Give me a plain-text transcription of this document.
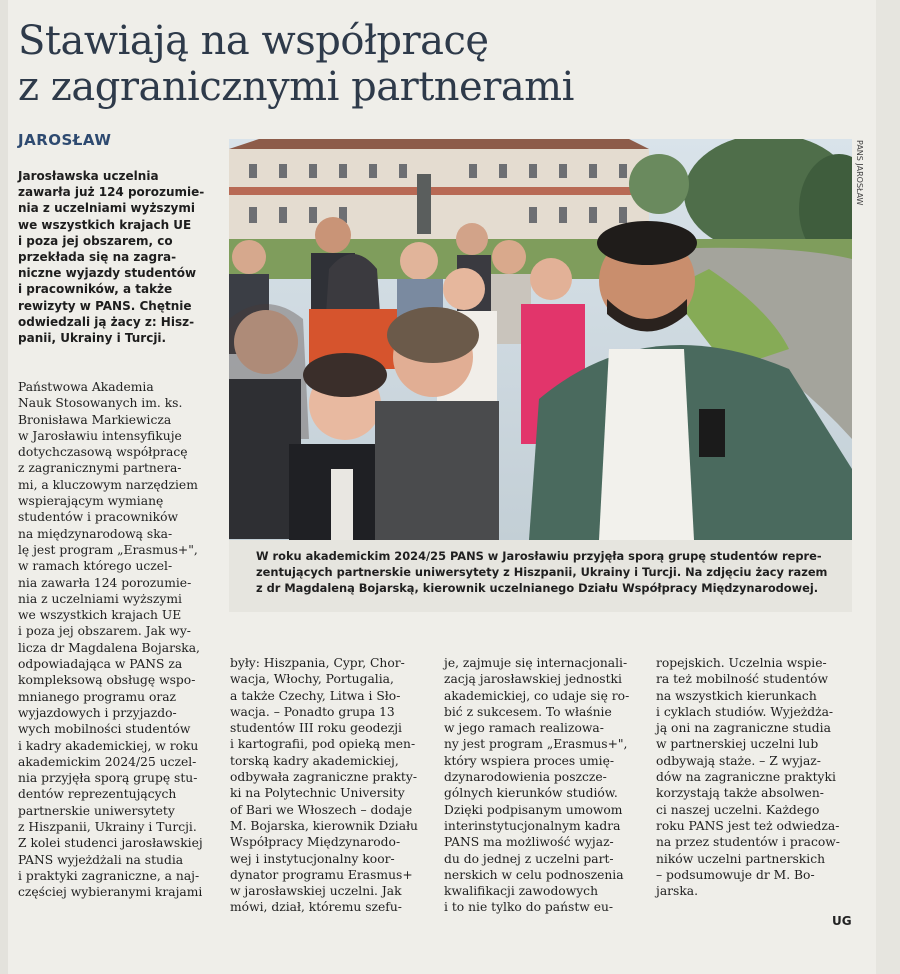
Stawiają na współpracę
z zagranicznymi partnerami
JAROSŁAW
Jarosławska uczelnia
zawarła już 124 porozumie-
nia z uczelniami wyższymi
we wszystkich krajach UE
i poza jej obszarem, co
przekłada się na zagra-
niczne wyjazdy studentów
i pracowników, a także
rewizyty w PANS. Chętnie
odwiedzali ją żacy z: Hisz-
panii, Ukrainy i Turcji.
Państwowa Akademia
Nauk Stosowanych im. ks.
Bronisława Markiewicza
w Jarosławiu intensyfikuje
dotychczasową współpracę
z zagranicznymi partnera-
mi, a kluczowym narzędziem
wspierającym wymianę
studentów i pracowników
na międzynarodową ska-
lę jest program „Erasmus+",
w ramach którego uczel-
nia zawarła 124 porozumie-
nia z uczelniami wyższymi
we wszystkich krajach UE
i poza jej obszarem. Jak wy-
licza dr Magdalena Bojarska,
odpowiadająca w PANS za
kompleksową obsługę wspo-
mnianego programu oraz
wyjazdowych i przyjazdo-
wych mobilności studentów
i kadry akademickiej, w roku
akademickim 2024/25 uczel-
nia przyjęła sporą grupę stu-
dentów reprezentujących
partnerskie uniwersytety
z Hiszpanii, Ukrainy i Turcji.
Z kolei studenci jarosławskiej
PANS wyjeżdżali na studia
i praktyki zagraniczne, a naj-
częściej wybieranymi krajami
były: Hiszpania, Cypr, Chor-
wacja, Włochy, Portugalia,
a także Czechy, Litwa i Sło-
wacja. – Ponadto grupa 13
studentów III roku geodezji
i kartografii, pod opieką men-
torską kadry akademickiej,
odbywała zagraniczne prakty-
ki na Polytechnic University
of Bari we Włoszech – dodaje
M. Bojarska, kierownik Działu
Współpracy Międzynarodo-
wej i instytucjonalny koor-
dynator programu Erasmus+
w jarosławskiej uczelni. Jak
mówi, dział, któremu szefu-
je, zajmuje się internacjonali-
zacją jarosławskiej jednostki
akademickiej, co udaje się ro-
bić z sukcesem. To właśnie
w jego ramach realizowa-
ny jest program „Erasmus+",
który wspiera proces umię-
dzynarodowienia poszcze-
gólnych kierunków studiów.
Dzięki podpisanym umowom
interinstytucjonalnym kadra
PANS ma możliwość wyjaz-
du do jednej z uczelni part-
nerskich w celu podnoszenia
kwalifikacji zawodowych
i to nie tylko do państw eu-
ropejskich. Uczelnia wspie-
ra też mobilność studentów
na wszystkich kierunkach
i cyklach studiów. Wyjeżdża-
ją oni na zagraniczne studia
w partnerskiej uczelni lub
odbywają staże. – Z wyjaz-
dów na zagraniczne praktyki
korzystają także absolwen-
ci naszej uczelni. Każdego
roku PANS jest też odwiedza-
na przez studentów i pracow-
ników uczelni partnerskich
– podsumowuje dr M. Bo-
jarska.
UG
PANS JAROSŁAW
W roku akademickim 2024/25 PANS w Jarosławiu przyjęła sporą grupę studentów repre-
zentujących partnerskie uniwersytety z Hiszpanii, Ukrainy i Turcji. Na zdjęciu żacy razem
z dr Magdaleną Bojarską, kierownik uczelnianego Działu Współpracy Międzynarodowej.
